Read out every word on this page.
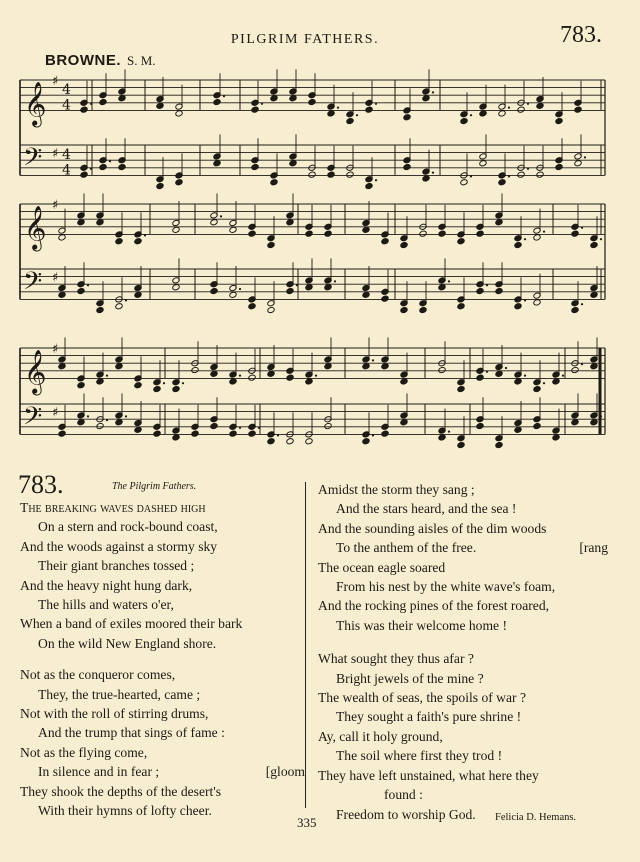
PILGRIM FATHERS.	783.
BROWNE. S. M.
𝄞 ♯
4
4
𝄢 ♯ 4
4
𝄞 ♯
𝄢 ♯
𝄞 ♯
𝄢 ♯
783.	The Pilgrim Fathers.
The breaking waves dashed high
On a stern and rock-bound coast,
And the woods against a stormy sky
Their giant branches tossed ;
And the heavy night hung dark,
The hills and waters o'er,
When a band of exiles moored their bark
On the wild New England shore.
Not as the conqueror comes,
They, the true-hearted, came ;
Not with the roll of stirring drums,
And the trump that sings of fame :
Not as the flying come,
In silence and in fear ;	[gloom
They shook the depths of the desert's
With their hymns of lofty cheer.
Amidst the storm they sang ;
And the stars heard, and the sea !
And the sounding aisles of the dim woods
To the anthem of the free.	[rang
The ocean eagle soared
From his nest by the white wave's foam,
And the rocking pines of the forest roared,
This was their welcome home !
What sought they thus afar ?
Bright jewels of the mine ?
The wealth of seas, the spoils of war ?
They sought a faith's pure shrine !
Ay, call it holy ground,
The soil where first they trod !
They have left unstained, what here they
found :
Freedom to worship God.
335	Felicia D. Hemans.
